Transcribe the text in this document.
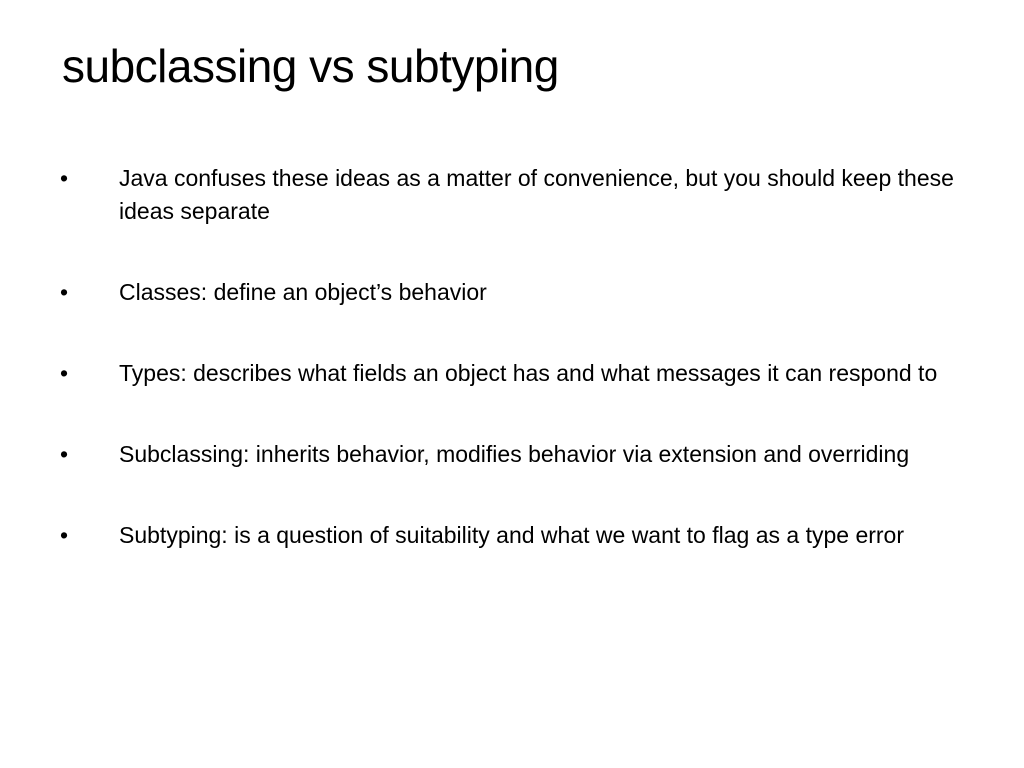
subclassing vs subtyping
•	Java confuses these ideas as a matter of convenience, but you should keep these ideas separate
•	Classes: define an object’s behavior
•	Types: describes what fields an object has and what messages it can respond to
•	Subclassing: inherits behavior, modifies behavior via extension and overriding
•	Subtyping: is a question of suitability and what we want to flag as a type error
